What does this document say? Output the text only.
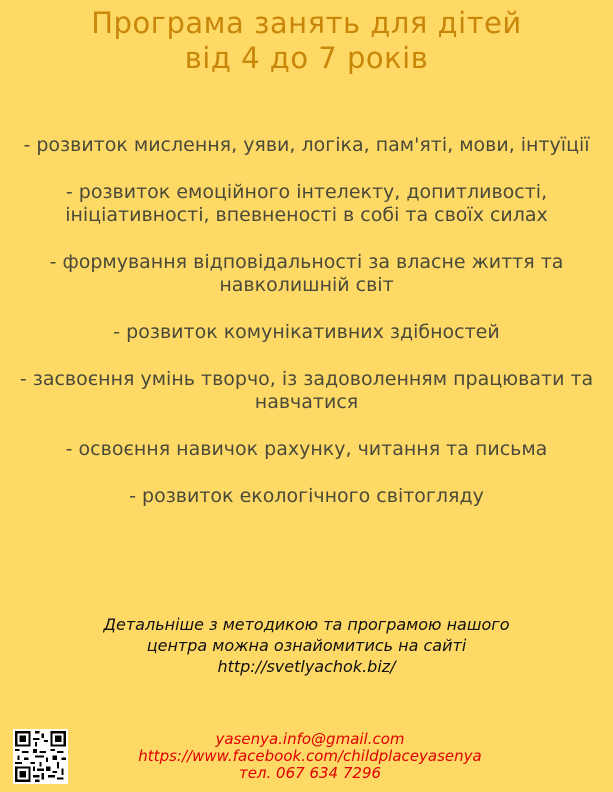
Програма занять для дітей
від 4 до 7 років
- розвиток мислення, уяви, логіка, пам'яті, мови, інтуїції
- розвиток емоційного інтелекту, допитливості, ініціативності, впевненості в собі та своїх силах
- формування відповідальності за власне життя та навколишній світ
- розвиток комунікативних здібностей
- засвоєння умінь творчо, із задоволенням працювати та навчатися
- освоєння навичок рахунку, читання та письма
- розвиток екологічного світогляду
Детальніше з методикою та програмою нашого
центра можна ознайомитись на сайті
http://svetlyachok.biz/
yasenya.info@gmail.com
https://www.facebook.com/childplaceyasenya
тел. 067 634 7296
